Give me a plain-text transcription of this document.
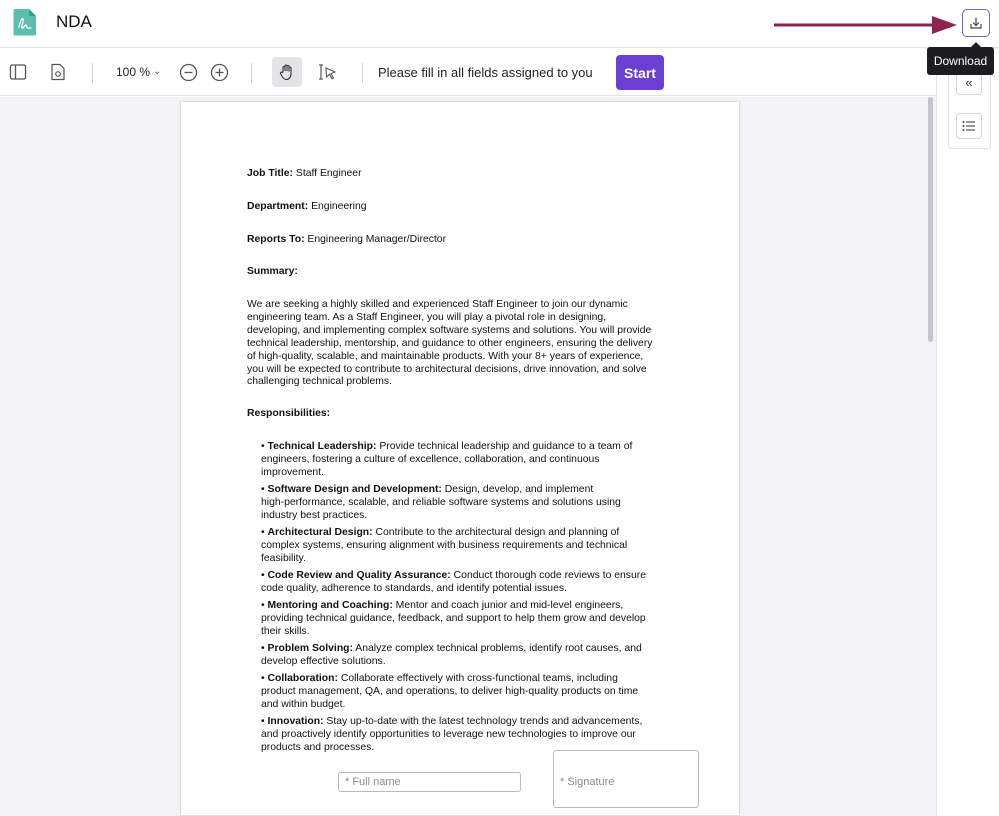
NDA
Download
100 % ⌄	Please fill in all fields assigned to you	Start
«
Job Title: Staff Engineer
Department: Engineering
Reports To: Engineering Manager/Director
Summary:
We are seeking a highly skilled and experienced Staff Engineer to join our dynamic
engineering team. As a Staff Engineer, you will play a pivotal role in designing,
developing, and implementing complex software systems and solutions. You will provide
technical leadership, mentorship, and guidance to other engineers, ensuring the delivery
of high-quality, scalable, and maintainable products. With your 8+ years of experience,
you will be expected to contribute to architectural decisions, drive innovation, and solve
challenging technical problems.
Responsibilities:
• Technical Leadership: Provide technical leadership and guidance to a team of
engineers, fostering a culture of excellence, collaboration, and continuous
improvement.
• Software Design and Development: Design, develop, and implement
high-performance, scalable, and reliable software systems and solutions using
industry best practices.
• Architectural Design: Contribute to the architectural design and planning of
complex systems, ensuring alignment with business requirements and technical
feasibility.
• Code Review and Quality Assurance: Conduct thorough code reviews to ensure
code quality, adherence to standards, and identify potential issues.
• Mentoring and Coaching: Mentor and coach junior and mid-level engineers,
providing technical guidance, feedback, and support to help them grow and develop
their skills.
• Problem Solving: Analyze complex technical problems, identify root causes, and
develop effective solutions.
• Collaboration: Collaborate effectively with cross-functional teams, including
product management, QA, and operations, to deliver high-quality products on time
and within budget.
• Innovation: Stay up-to-date with the latest technology trends and advancements,
and proactively identify opportunities to leverage new technologies to improve our
products and processes.
* Full name	* Signature
